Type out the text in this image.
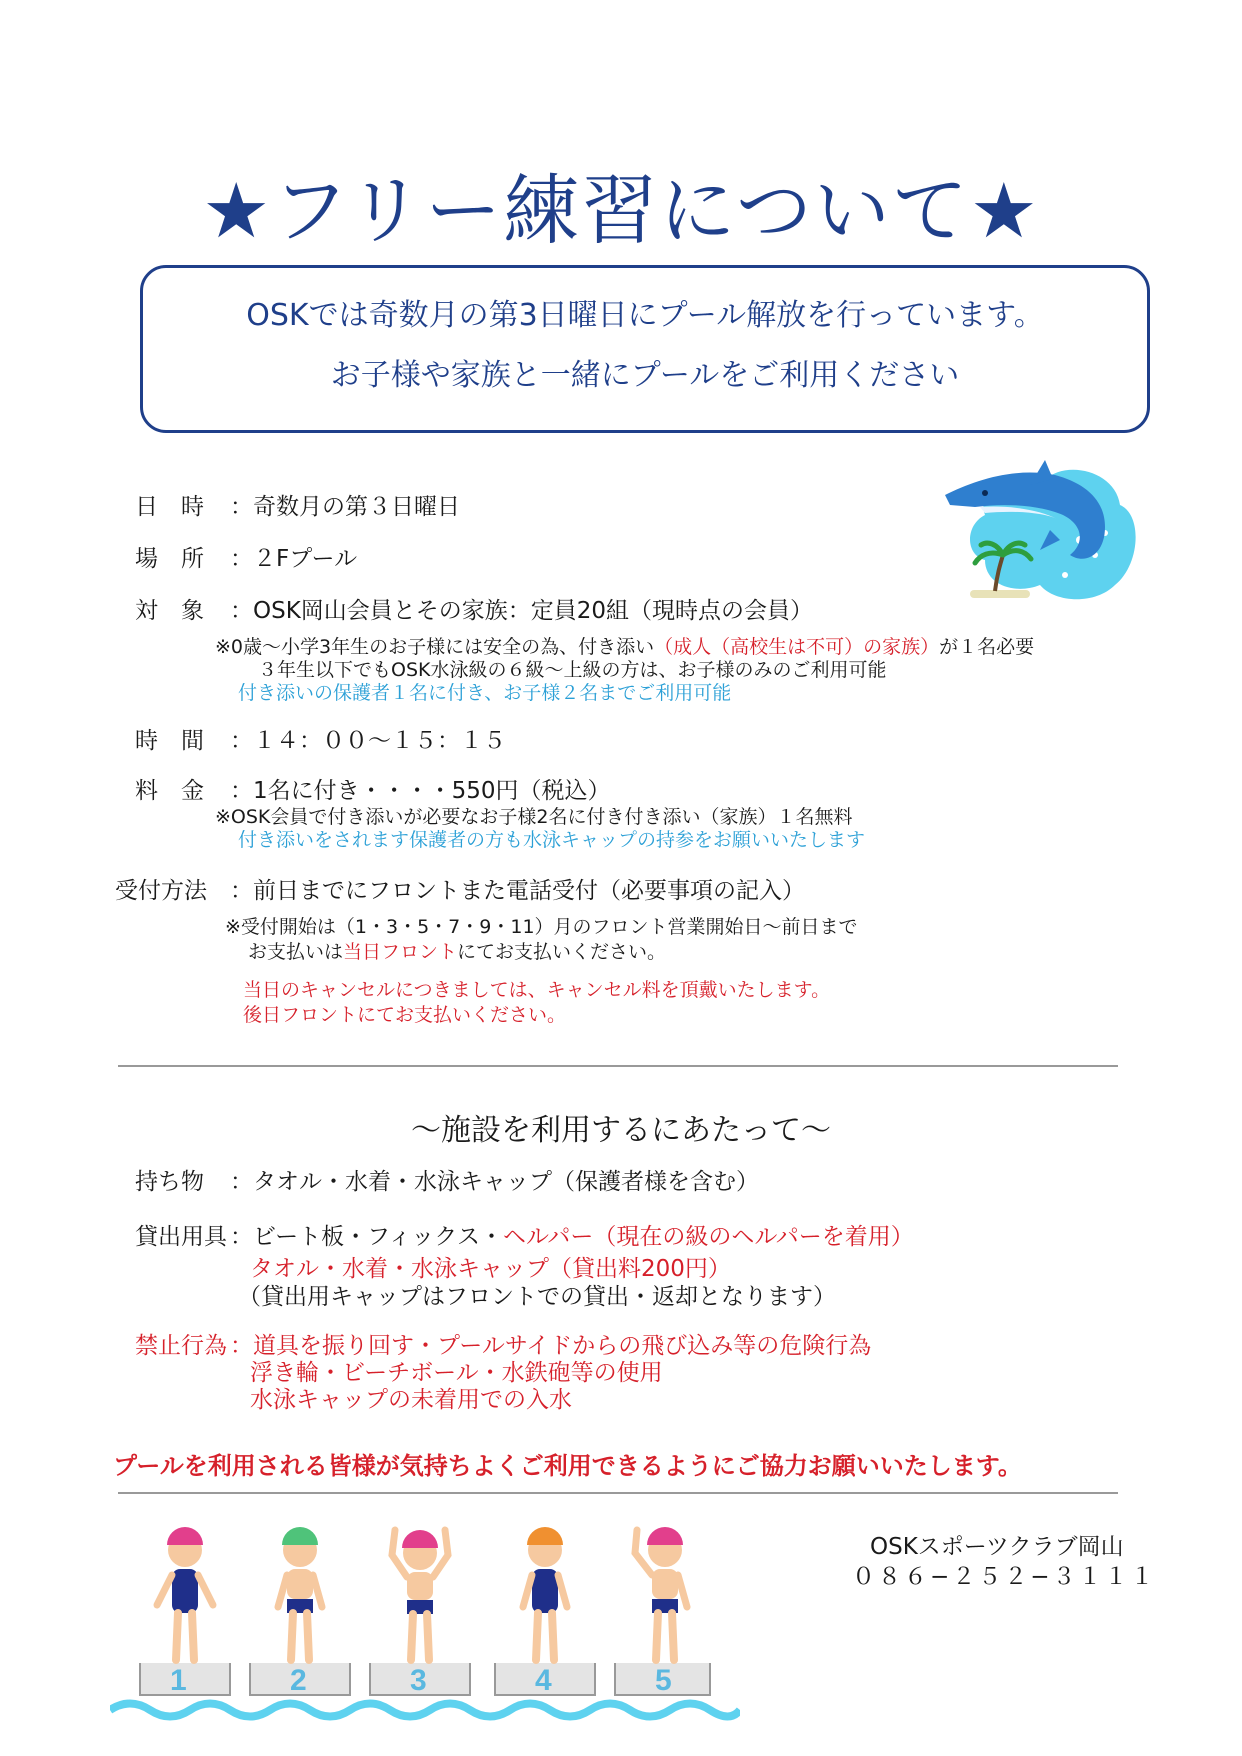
★フリー練習について★
OSKでは奇数月の第3日曜日にプール解放を行っています。
お子様や家族と一緒にプールをご利用ください
日　時 ：奇数月の第３日曜日
場　所 ：２Fプール
対　象 ：OSK岡山会員とその家族：定員20組（現時点の会員）
※0歳〜小学3年生のお子様には安全の為、付き添い（成人（高校生は不可）の家族）が１名必要
３年生以下でもOSK水泳級の６級〜上級の方は、お子様のみのご利用可能
付き添いの保護者１名に付き、お子様２名までご利用可能
時　間 ：１４：００〜１５：１５
料　金 ：1名に付き・・・・550円（税込）
※OSK会員で付き添いが必要なお子様2名に付き付き添い（家族）１名無料
付き添いをされます保護者の方も水泳キャップの持参をお願いいたします
受付方法 ：前日までにフロントまた電話受付（必要事項の記入）
※受付開始は（1・3・5・7・9・11）月のフロント営業開始日〜前日まで
お支払いは当日フロントにてお支払いください。
当日のキャンセルにつきましては、キャンセル料を頂戴いたします。
後日フロントにてお支払いください。
〜施設を利用するにあたって〜
持ち物 ：タオル・水着・水泳キャップ（保護者様を含む）
貸出用具 ：ビート板・フィックス・ヘルパー（現在の級のヘルパーを着用）
タオル・水着・水泳キャップ（貸出料200円）
（貸出用キャップはフロントでの貸出・返却となります）
禁止行為 ：道具を振り回す・プールサイドからの飛び込み等の危険行為
浮き輪・ビーチボール・水鉄砲等の使用
水泳キャップの未着用での入水
プールを利用される皆様が気持ちよくご利用できるようにご協力お願いいたします。
OSKスポーツクラブ岡山
０８６−２５２−３１１１
1	2	3	4	5
